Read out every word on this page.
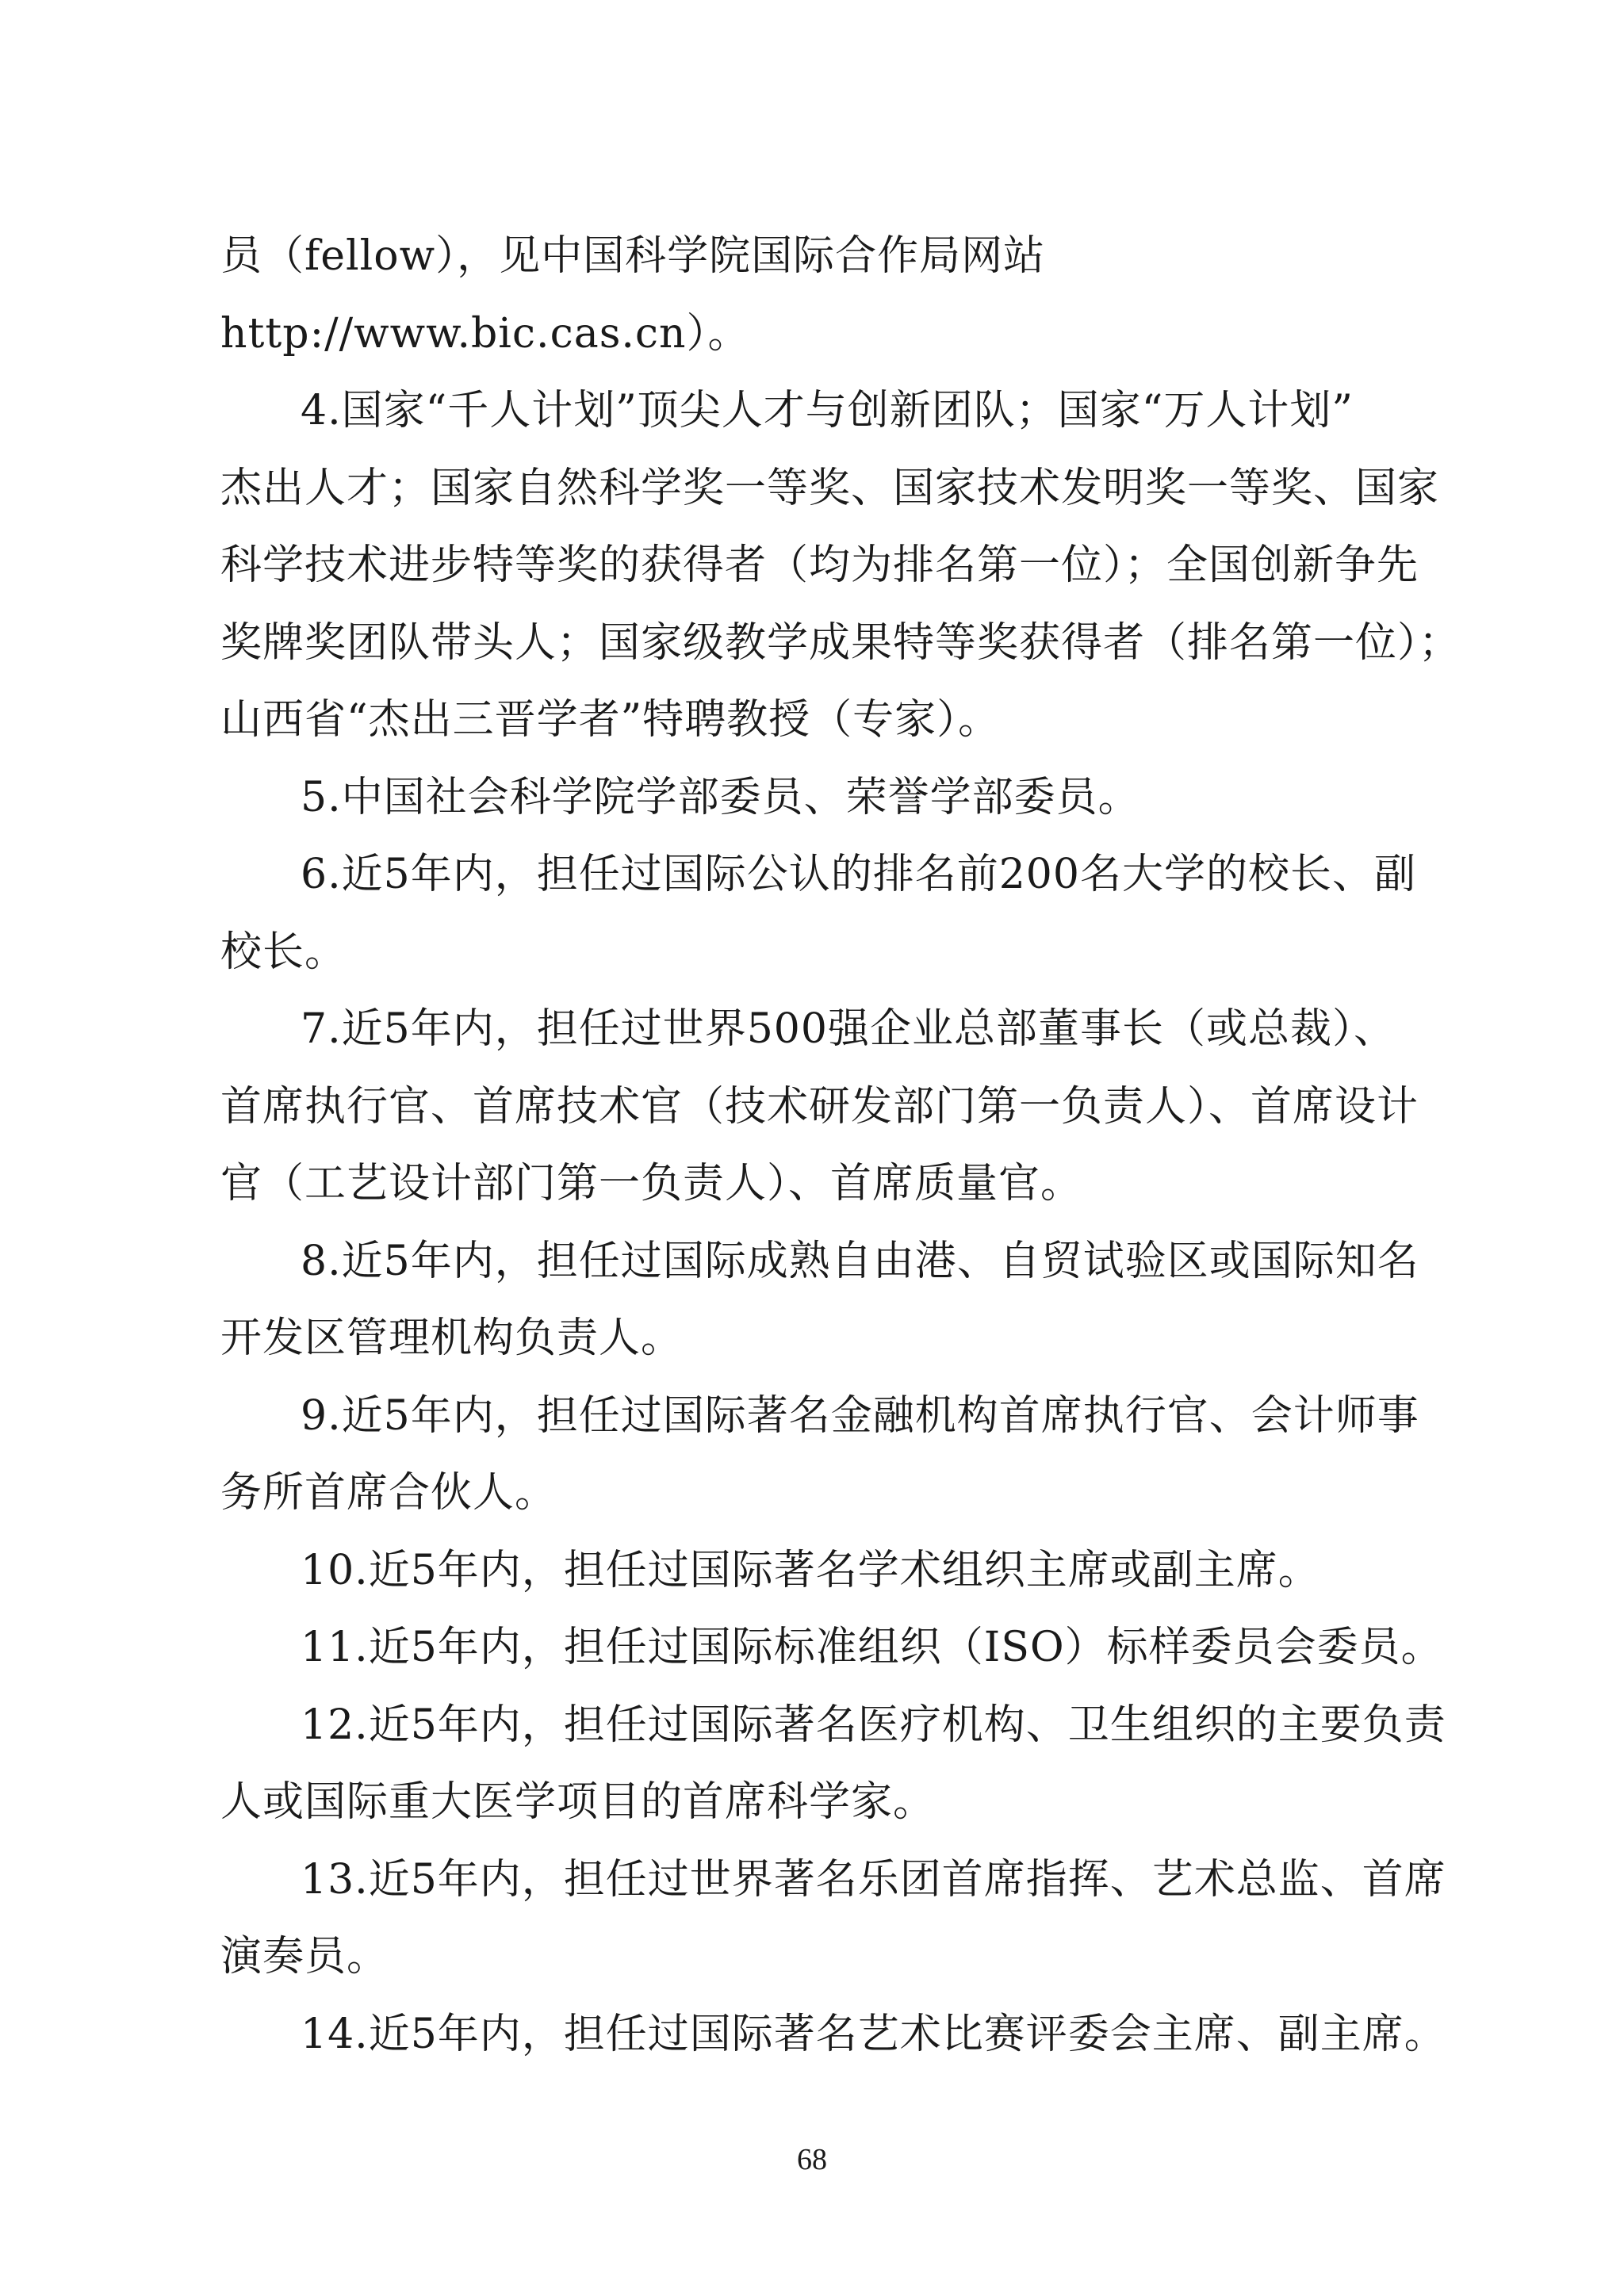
员（fellow），见中国科学院国际合作局网站

http://www.bic.cas.cn）。

4.国家“千人计划”顶尖人才与创新团队；国家“万人计划”

杰出人才；国家自然科学奖一等奖、国家技术发明奖一等奖、国家

科学技术进步特等奖的获得者（均为排名第一位）；全国创新争先

奖牌奖团队带头人；国家级教学成果特等奖获得者（排名第一位）；

山西省“杰出三晋学者”特聘教授（专家）。

5.中国社会科学院学部委员、荣誉学部委员。

6.近5年内，担任过国际公认的排名前200名大学的校长、副

校长。

7.近5年内，担任过世界500强企业总部董事长（或总裁）、

首席执行官、首席技术官（技术研发部门第一负责人）、首席设计

官（工艺设计部门第一负责人）、首席质量官。

8.近5年内，担任过国际成熟自由港、自贸试验区或国际知名

开发区管理机构负责人。

9.近5年内，担任过国际著名金融机构首席执行官、会计师事

务所首席合伙人。

10.近5年内，担任过国际著名学术组织主席或副主席。

11.近5年内，担任过国际标准组织（ISO）标样委员会委员。

12.近5年内，担任过国际著名医疗机构、卫生组织的主要负责

人或国际重大医学项目的首席科学家。

13.近5年内，担任过世界著名乐团首席指挥、艺术总监、首席

演奏员。

14.近5年内，担任过国际著名艺术比赛评委会主席、副主席。

68
